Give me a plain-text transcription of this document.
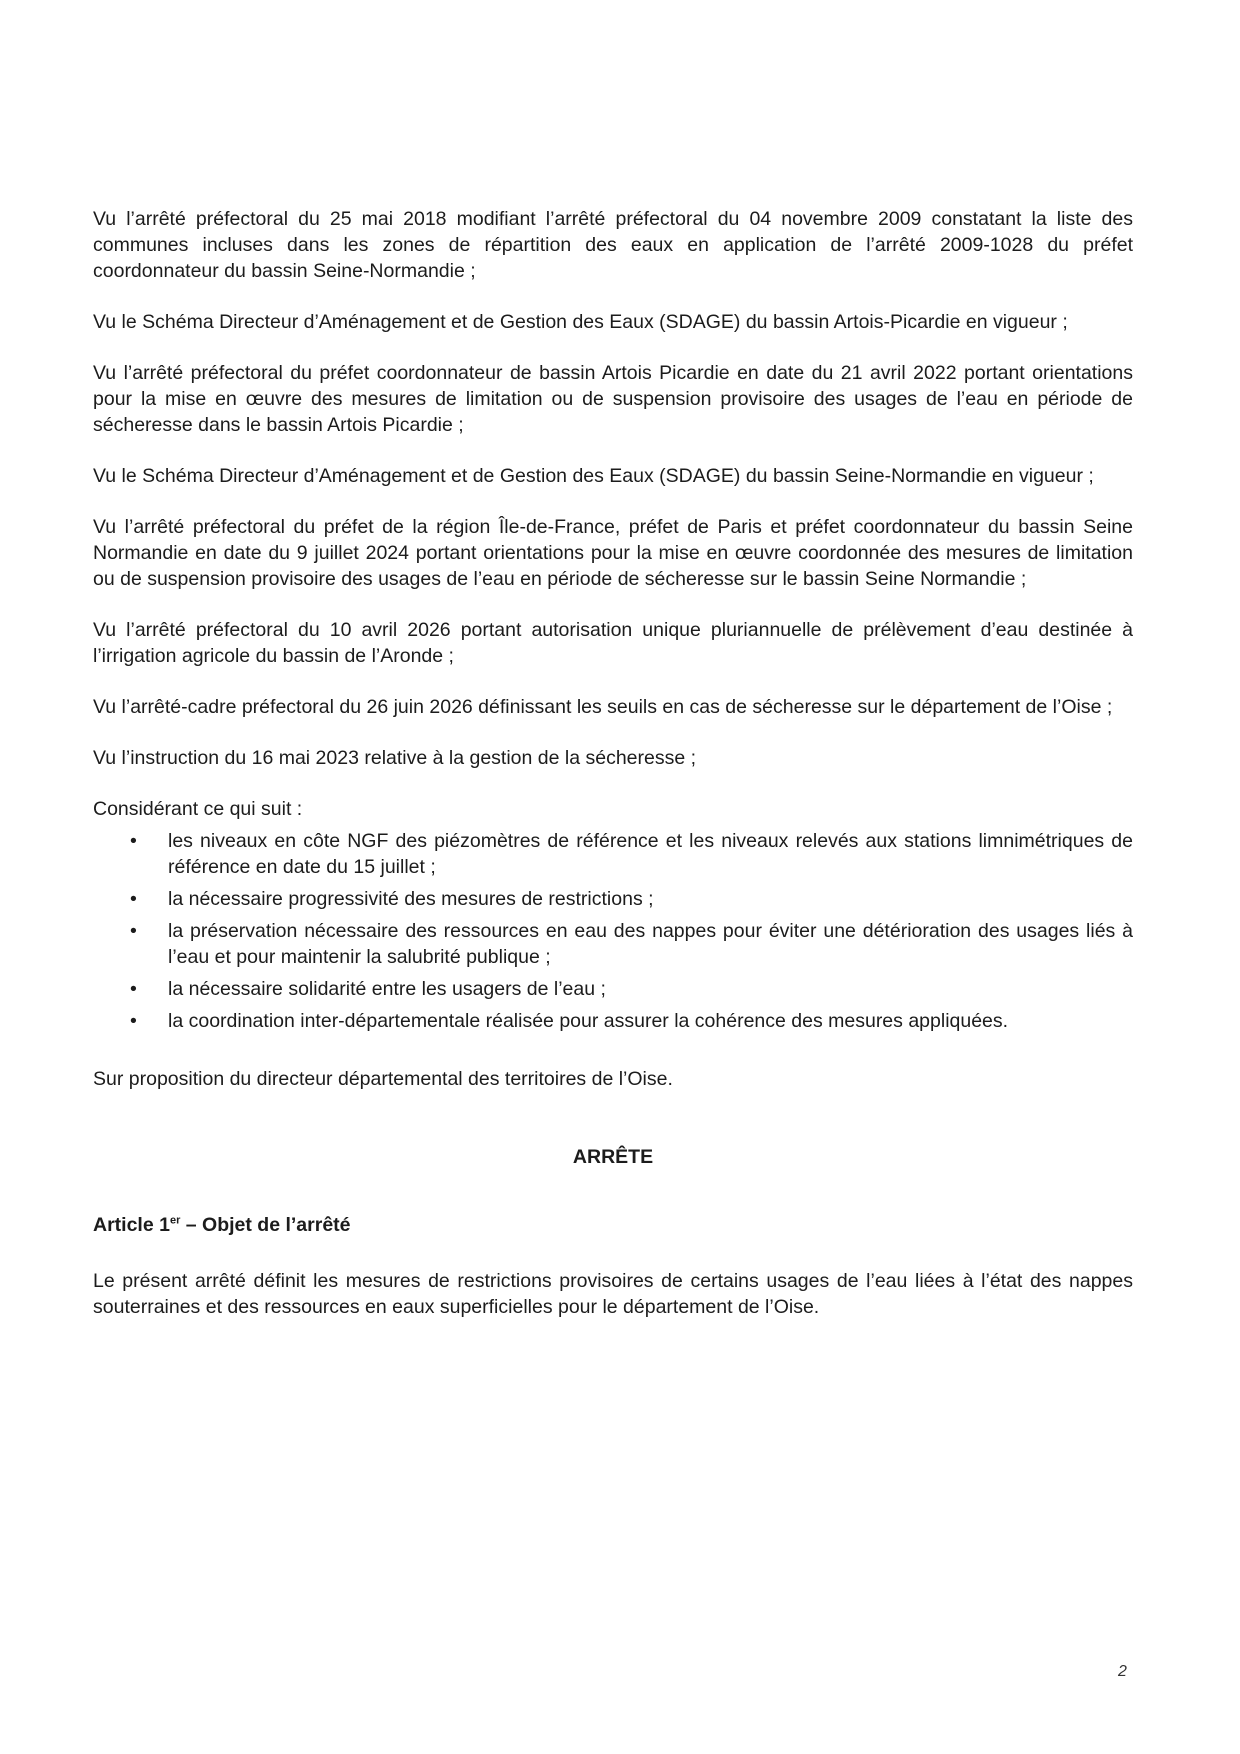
Vu l’arrêté préfectoral du 25 mai 2018 modifiant l’arrêté préfectoral du 04 novembre 2009 constatant la liste des communes incluses dans les zones de répartition des eaux en application de l’arrêté 2009-1028 du préfet coordonnateur du bassin Seine-Normandie ;

Vu le Schéma Directeur d’Aménagement et de Gestion des Eaux (SDAGE) du bassin Artois-Picardie en vigueur ;

Vu l’arrêté préfectoral du préfet coordonnateur de bassin Artois Picardie en date du 21 avril 2022 portant orientations pour la mise en œuvre des mesures de limitation ou de suspension provisoire des usages de l’eau en période de sécheresse dans le bassin Artois Picardie ;

Vu le Schéma Directeur d’Aménagement et de Gestion des Eaux (SDAGE) du bassin Seine-Normandie en vigueur ;

Vu l’arrêté préfectoral du préfet de la région Île-de-France, préfet de Paris et préfet coordonnateur du bassin Seine Normandie en date du 9 juillet 2024 portant orientations pour la mise en œuvre coordonnée des mesures de limitation ou de suspension provisoire des usages de l’eau en période de sécheresse sur le bassin Seine Normandie ;

Vu l’arrêté préfectoral du 10 avril 2026 portant autorisation unique pluriannuelle de prélèvement d’eau destinée à l’irrigation agricole du bassin de l’Aronde ;

Vu l’arrêté-cadre préfectoral du 26 juin 2026 définissant les seuils en cas de sécheresse sur le département de l’Oise ;

Vu l’instruction du 16 mai 2023 relative à la gestion de la sécheresse ;

Considérant ce qui suit :

• les niveaux en côte NGF des piézomètres de référence et les niveaux relevés aux stations limnimétriques de référence en date du 15 juillet ;
• la nécessaire progressivité des mesures de restrictions ;
• la préservation nécessaire des ressources en eau des nappes pour éviter une détérioration des usages liés à l’eau et pour maintenir la salubrité publique ;
• la nécessaire solidarité entre les usagers de l’eau ;
• la coordination inter-départementale réalisée pour assurer la cohérence des mesures appliquées.

Sur proposition du directeur départemental des territoires de l’Oise.

ARRÊTE

Article 1er – Objet de l’arrêté

Le présent arrêté définit les mesures de restrictions provisoires de certains usages de l’eau liées à l’état des nappes souterraines et des ressources en eaux superficielles pour le département de l’Oise.

2
